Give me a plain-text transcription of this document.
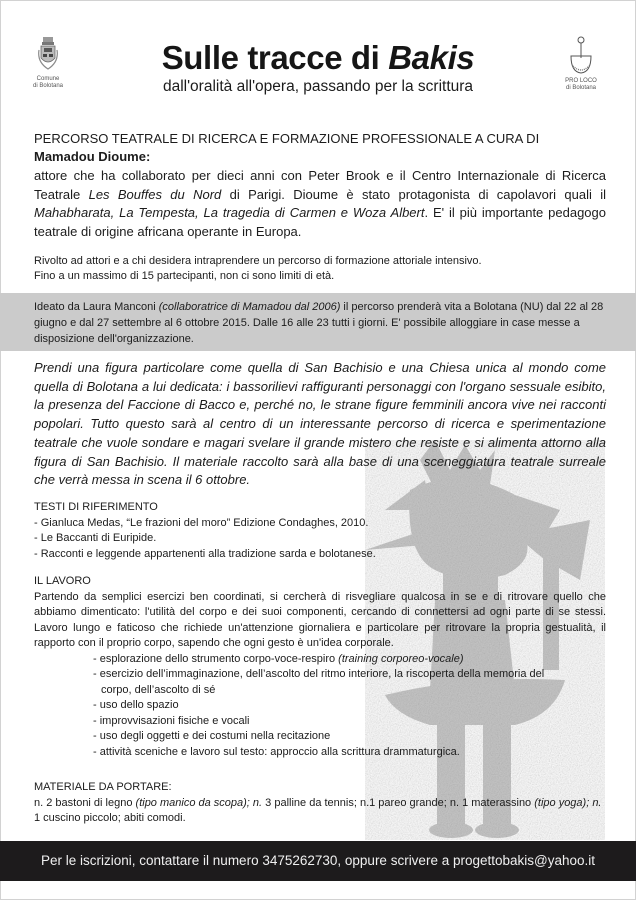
Comune
di Bolotana
PRO LOCO
di Bolotana
Sulle tracce di Bakis
dall'oralità all'opera, passando per la scrittura
PERCORSO TEATRALE DI RICERCA E FORMAZIONE PROFESSIONALE A CURA DI
Mamadou Dioume:
attore che ha collaborato per dieci anni con Peter Brook e il Centro Internazionale di Ricerca Teatrale Les Bouffes du Nord di Parigi. Dioume è stato protagonista di capolavori quali il Mahabharata, La Tempesta, La tragedia di Carmen e Woza Albert. E' il più importante pedagogo teatrale di origine africana operante in Europa.
Rivolto ad attori e a chi desidera intraprendere un percorso di formazione attoriale intensivo.
Fino a un massimo di 15 partecipanti, non ci sono limiti di età.
Ideato da Laura Manconi (collaboratrice di Mamadou dal 2006) il percorso prenderà vita a Bolotana (NU) dal 22 al 28 giugno e dal 27 settembre al 6 ottobre 2015. Dalle 16 alle 23 tutti i giorni. E' possibile alloggiare in case messe a disposizione dell'organizzazione.
Prendi una figura particolare come quella di San Bachisio e una Chiesa unica al mondo come quella di Bolotana a lui dedicata: i bassorilievi raffiguranti personaggi con l'organo sessuale esibito, la presenza del Faccione di Bacco e, perché no, le strane figure femminili ancora vive nei racconti popolari. Tutto questo sarà al centro di un interessante percorso di ricerca e sperimentazione teatrale che vuole sondare e magari svelare il grande mistero che resiste e si alimenta attorno alla figura di San Bachisio. Il materiale raccolto sarà alla base di una sceneggiatura teatrale surreale che verrà messa in scena il 6 ottobre.
TESTI DI RIFERIMENTO
- Gianluca Medas, “Le frazioni del moro” Edizione Condaghes, 2010.
- Le Baccanti di Euripide.
- Racconti e leggende appartenenti alla tradizione sarda e bolotanese.
IL LAVORO
Partendo da semplici esercizi ben coordinati, si cercherà di risvegliare qualcosa in se e di ritrovare quello che abbiamo dimenticato: l'utilità del corpo e dei suoi componenti, cercando di connettersi ad ogni parte di se stessi. Lavoro lungo e faticoso che richiede un'attenzione giornaliera e particolare per ritrovare la propria gestualità, il rapporto con il proprio corpo, sapendo che ogni gesto è un'idea corporale.
- esplorazione dello strumento corpo-voce-respiro (training corporeo-vocale)
- esercizio dell’immaginazione, dell’ascolto del ritmo interiore, la riscoperta della memoria del
corpo, dell’ascolto di sé
- uso dello spazio
- improvvisazioni fisiche e vocali
- uso degli oggetti e dei costumi nella recitazione
- attività sceniche e lavoro sul testo: approccio alla scrittura drammaturgica.
MATERIALE DA PORTARE:
n. 2 bastoni di legno (tipo manico da scopa); n. 3 palline da tennis; n.1 pareo grande; n. 1 materassino (tipo yoga); n. 1 cuscino piccolo; abiti comodi.
Per le iscrizioni, contattare il numero 3475262730, oppure scrivere a progettobakis@yahoo.it
